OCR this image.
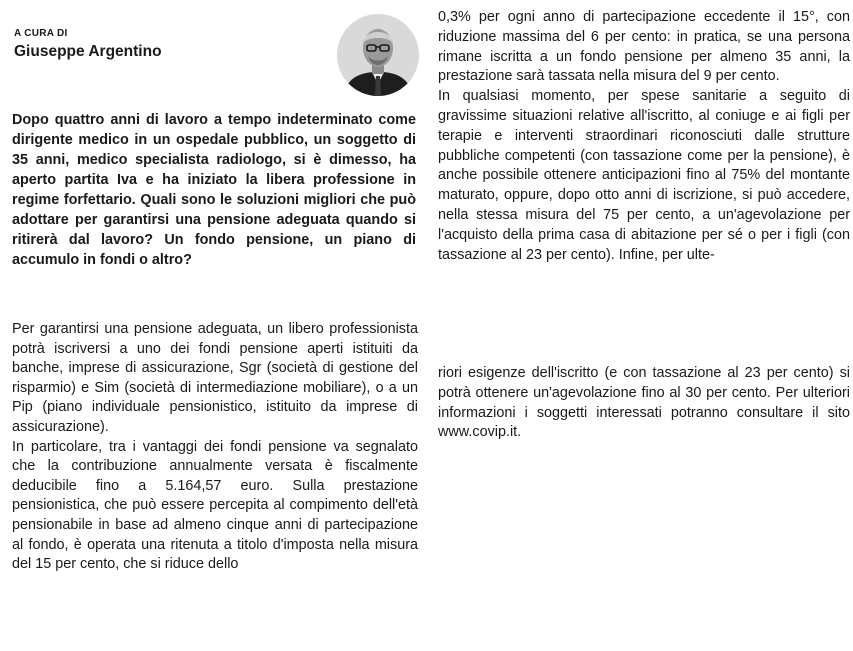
A CURA DI
Giuseppe Argentino

Dopo quattro anni di lavoro a tempo indeterminato come dirigente medico in un ospedale pubblico, un soggetto di 35 anni, medico specialista radiologo, si è dimesso, ha aperto partita Iva e ha iniziato la libera professione in regime forfettario. Quali sono le soluzioni migliori che può adottare per garantirsi una pensione adeguata quando si ritirerà dal lavoro? Un fondo pensione, un piano di accumulo in fondi o altro?

Per garantirsi una pensione adeguata, un libero professionista potrà iscriversi a uno dei fondi pensione aperti istituiti da banche, imprese di assicurazione, Sgr (società di gestione del risparmio) e Sim (società di intermediazione mobiliare), o a un Pip (piano individuale pensionistico, istituito da imprese di assicurazione).

In particolare, tra i vantaggi dei fondi pensione va segnalato che la contribuzione annualmente versata è fiscalmente deducibile fino a 5.164,57 euro. Sulla prestazione pensionistica, che può essere percepita al compimento dell'età pensionabile in base ad almeno cinque anni di partecipazione al fondo, è operata una ritenuta a titolo d'imposta nella misura del 15 per cento, che si riduce dello

0,3% per ogni anno di partecipazione eccedente il 15°, con riduzione massima del 6 per cento: in pratica, se una persona rimane iscritta a un fondo pensione per almeno 35 anni, la prestazione sarà tassata nella misura del 9 per cento.

In qualsiasi momento, per spese sanitarie a seguito di gravissime situazioni relative all'iscritto, al coniuge e ai figli per terapie e interventi straordinari riconosciuti dalle strutture pubbliche competenti (con tassazione come per la pensione), è anche possibile ottenere anticipazioni fino al 75% del montante maturato, oppure, dopo otto anni di iscrizione, si può accedere, nella stessa misura del 75 per cento, a un'agevolazione per l'acquisto della prima casa di abitazione per sé o per i figli (con tassazione al 23 per cento). Infine, per ulte-

riori esigenze dell'iscritto (e con tassazione al 23 per cento) si potrà ottenere un'agevolazione fino al 30 per cento. Per ulteriori informazioni i soggetti interessati potranno consultare il sito www.covip.it.
